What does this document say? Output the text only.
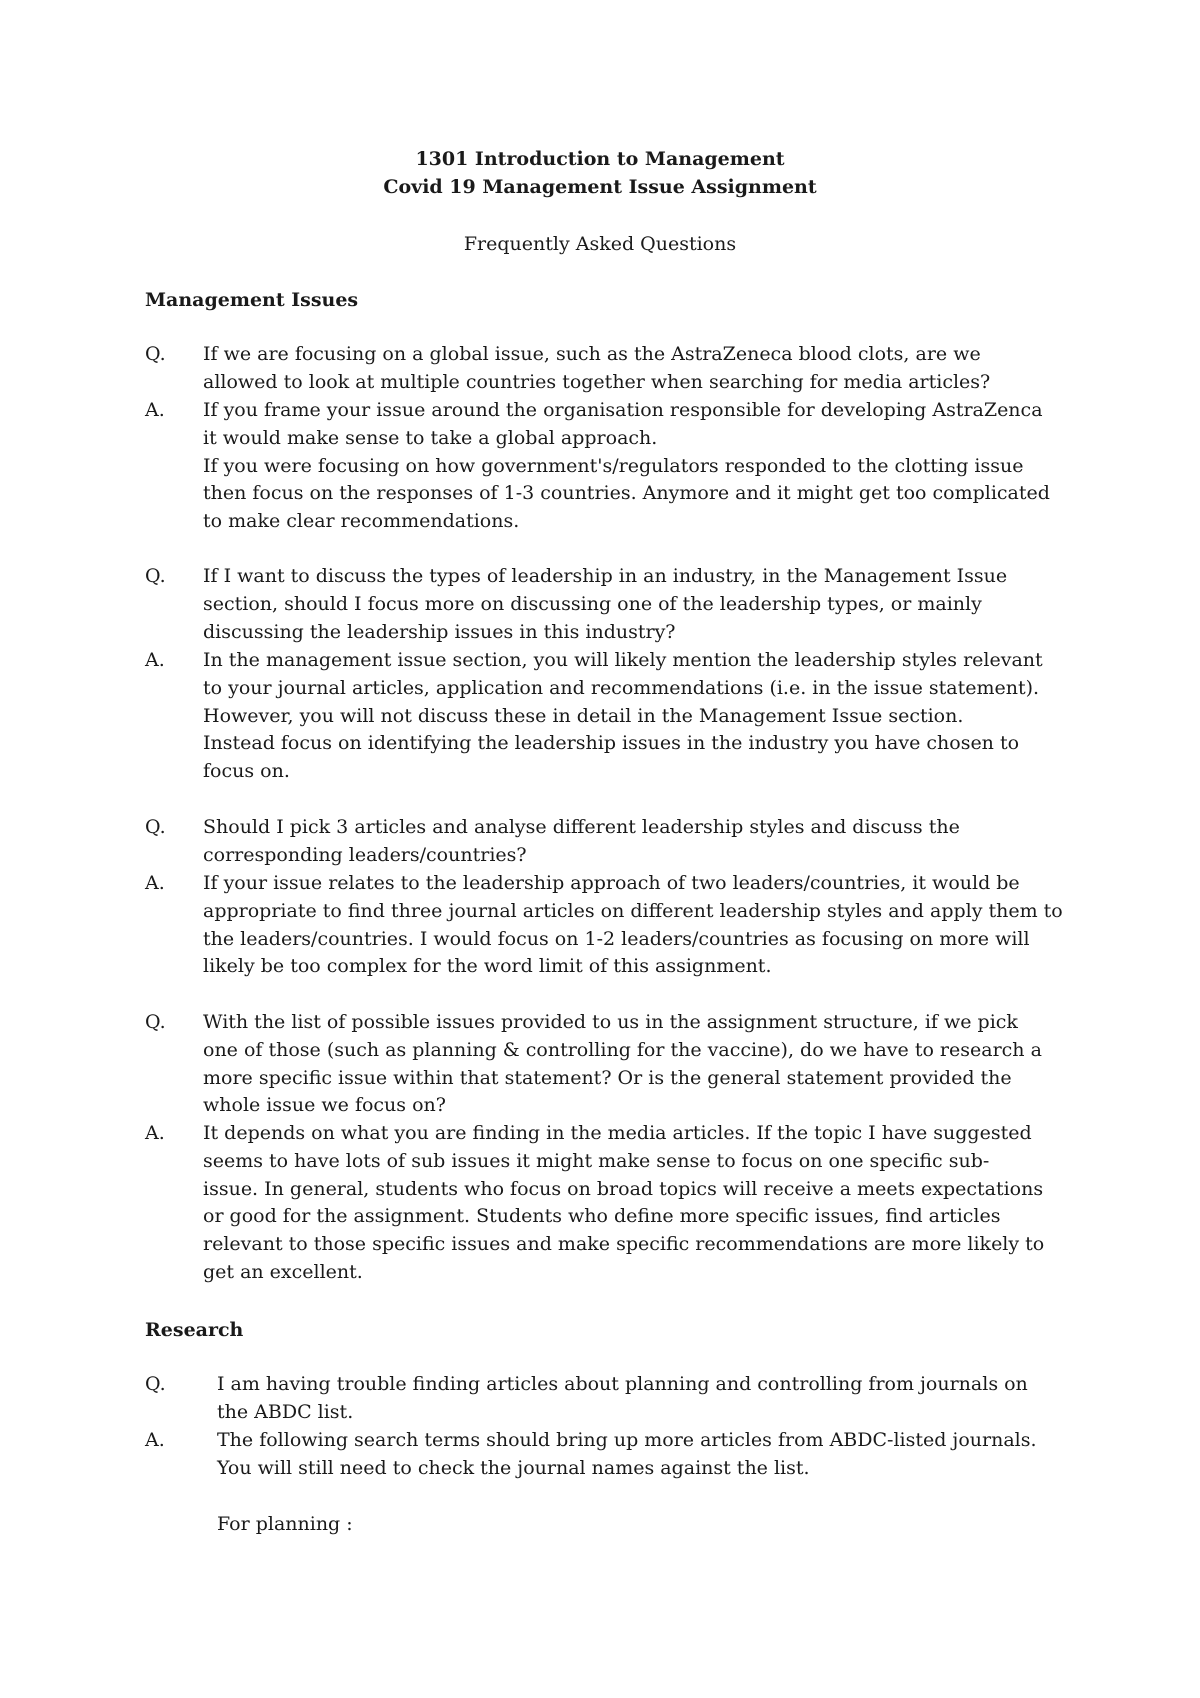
1301 Introduction to Management
Covid 19 Management Issue Assignment
Frequently Asked Questions
Management Issues
Q. If we are focusing on a global issue, such as the AstraZeneca blood clots, are we
allowed to look at multiple countries together when searching for media articles?
A. If you frame your issue around the organisation responsible for developing AstraZenca
it would make sense to take a global approach.
If you were focusing on how government's/regulators responded to the clotting issue
then focus on the responses of 1-3 countries. Anymore and it might get too complicated
to make clear recommendations.
Q. If I want to discuss the types of leadership in an industry, in the Management Issue
section, should I focus more on discussing one of the leadership types, or mainly
discussing the leadership issues in this industry?
A. In the management issue section, you will likely mention the leadership styles relevant
to your journal articles, application and recommendations (i.e. in the issue statement).
However, you will not discuss these in detail in the Management Issue section.
Instead focus on identifying the leadership issues in the industry you have chosen to
focus on.
Q. Should I pick 3 articles and analyse different leadership styles and discuss the
corresponding leaders/countries?
A. If your issue relates to the leadership approach of two leaders/countries, it would be
appropriate to find three journal articles on different leadership styles and apply them to
the leaders/countries. I would focus on 1-2 leaders/countries as focusing on more will
likely be too complex for the word limit of this assignment.
Q. With the list of possible issues provided to us in the assignment structure, if we pick
one of those (such as planning & controlling for the vaccine), do we have to research a
more specific issue within that statement? Or is the general statement provided the
whole issue we focus on?
A. It depends on what you are finding in the media articles. If the topic I have suggested
seems to have lots of sub issues it might make sense to focus on one specific sub-
issue. In general, students who focus on broad topics will receive a meets expectations
or good for the assignment. Students who define more specific issues, find articles
relevant to those specific issues and make specific recommendations are more likely to
get an excellent.
Research
Q.	I am having trouble finding articles about planning and controlling from journals on
the ABDC list.
A.	The following search terms should bring up more articles from ABDC-listed journals.
You will still need to check the journal names against the list.
For planning :
